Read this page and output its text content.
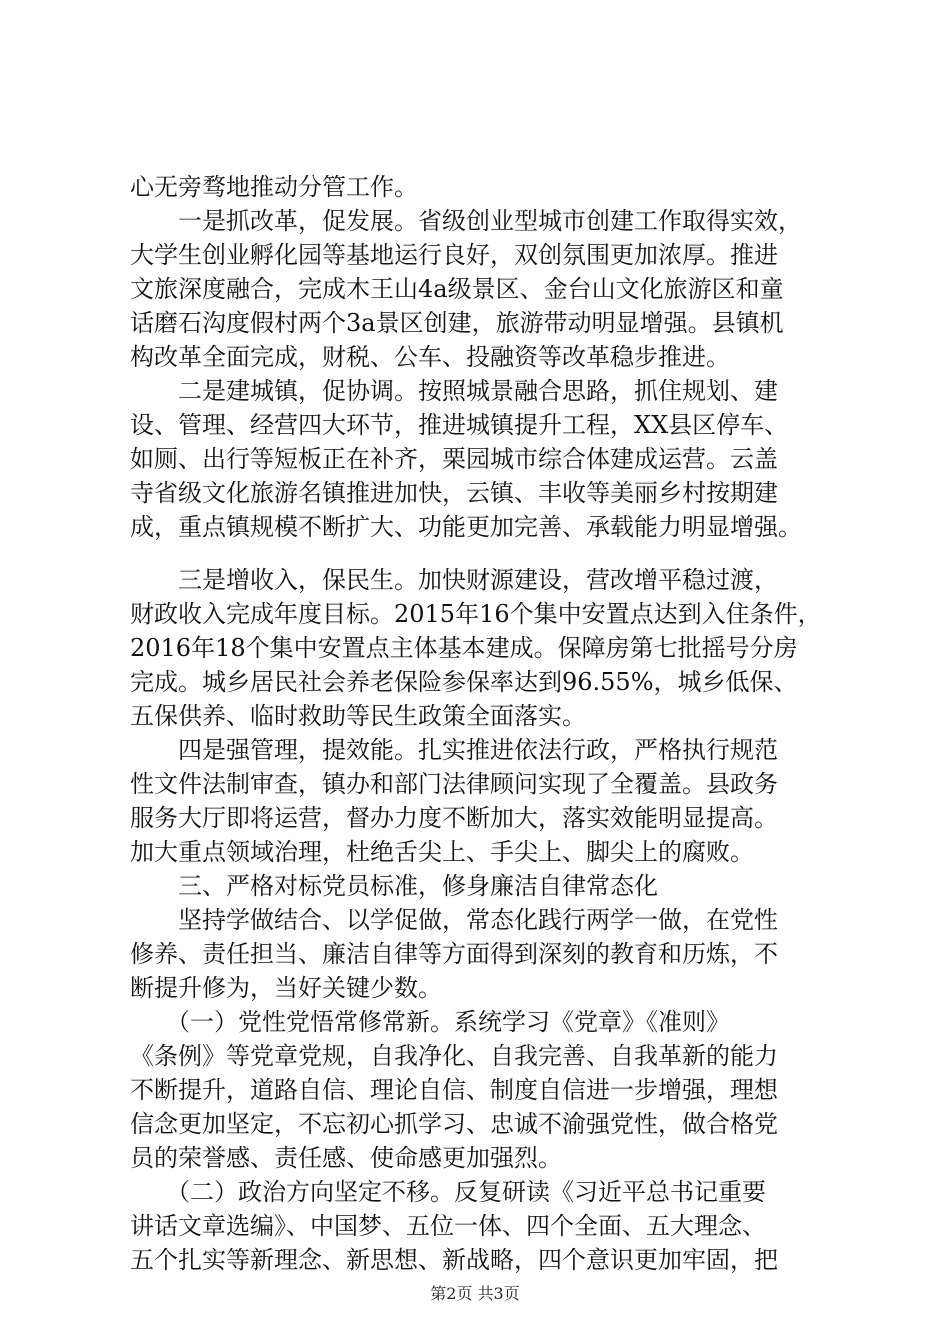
心无旁骛地推动分管工作。
　　一是抓改革，促发展。省级创业型城市创建工作取得实效，
大学生创业孵化园等基地运行良好，双创氛围更加浓厚。推进
文旅深度融合，完成木王山4a级景区、金台山文化旅游区和童
话磨石沟度假村两个3a景区创建，旅游带动明显增强。县镇机
构改革全面完成，财税、公车、投融资等改革稳步推进。
　　二是建城镇，促协调。按照城景融合思路，抓住规划、建
设、管理、经营四大环节，推进城镇提升工程，XX县区停车、
如厕、出行等短板正在补齐，栗园城市综合体建成运营。云盖
寺省级文化旅游名镇推进加快，云镇、丰收等美丽乡村按期建
成，重点镇规模不断扩大、功能更加完善、承载能力明显增强。
　　三是增收入，保民生。加快财源建设，营改增平稳过渡，
财政收入完成年度目标。2015年16个集中安置点达到入住条件，
2016年18个集中安置点主体基本建成。保障房第七批摇号分房
完成。城乡居民社会养老保险参保率达到96.55%，城乡低保、
五保供养、临时救助等民生政策全面落实。
　　四是强管理，提效能。扎实推进依法行政，严格执行规范
性文件法制审查，镇办和部门法律顾问实现了全覆盖。县政务
服务大厅即将运营，督办力度不断加大，落实效能明显提高。
加大重点领域治理，杜绝舌尖上、手尖上、脚尖上的腐败。
　　三、严格对标党员标准，修身廉洁自律常态化
　　坚持学做结合、以学促做，常态化践行两学一做，在党性
修养、责任担当、廉洁自律等方面得到深刻的教育和历炼，不
断提升修为，当好关键少数。
　　（一）党性党悟常修常新。系统学习《党章》《准则》
《条例》等党章党规，自我净化、自我完善、自我革新的能力
不断提升，道路自信、理论自信、制度自信进一步增强，理想
信念更加坚定，不忘初心抓学习、忠诚不渝强党性，做合格党
员的荣誉感、责任感、使命感更加强烈。
　　（二）政治方向坚定不移。反复研读《习近平总书记重要
讲话文章选编》、中国梦、五位一体、四个全面、五大理念、
五个扎实等新理念、新思想、新战略，四个意识更加牢固，把
第2页 共3页
